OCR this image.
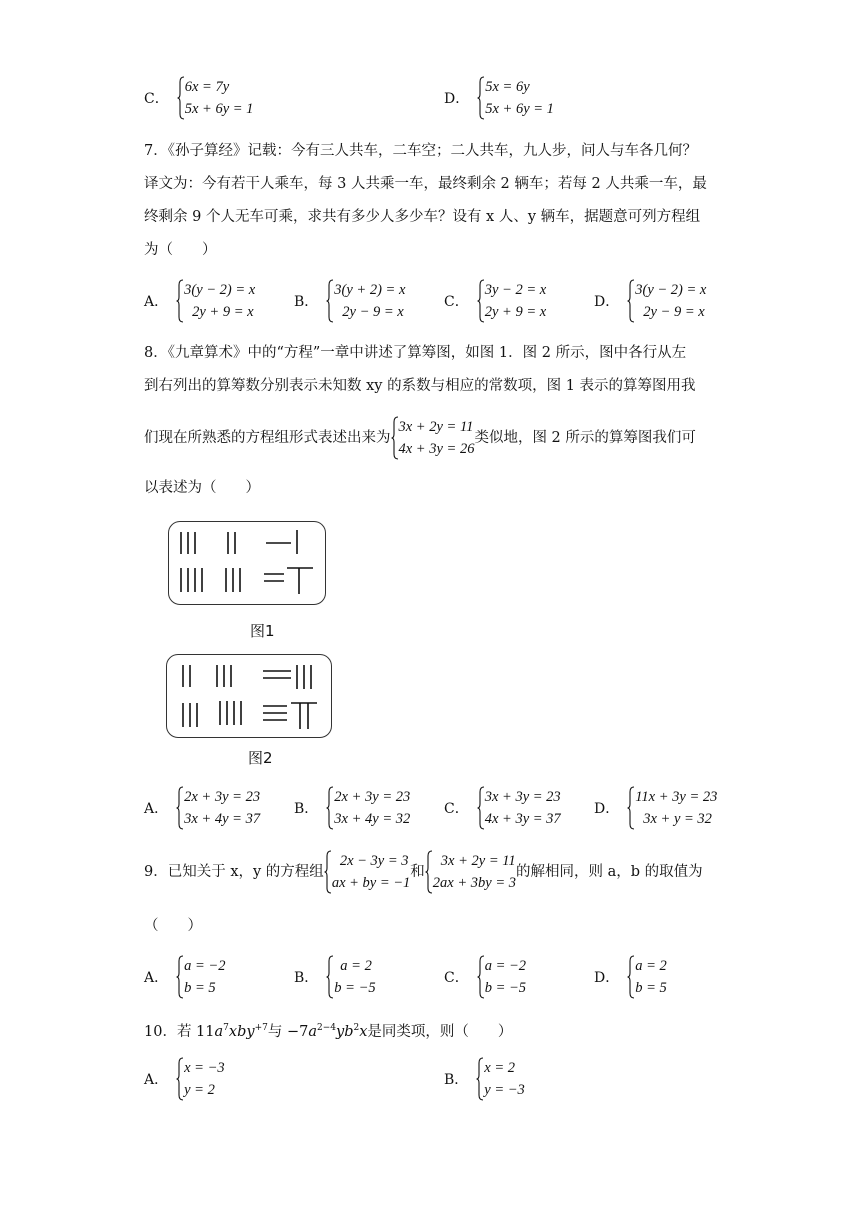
C．
6x = 7y
5x + 6y = 1
D．
5x = 6y
5x + 6y = 1
7．《孙子算经》记载：今有三人共车，二车空；二人共车，九人步，问人与车各几何？
译文为：今有若干人乘车，每 3 人共乘一车，最终剩余 2 辆车；若每 2 人共乘一车，最
终剩余 9 个人无车可乘，求共有多少人多少车？设有 x 人、y 辆车，据题意可列方程组
为（　　）
A．
3(y − 2) = x
2y + 9 = x
B．
3(y + 2) = x
2y − 9 = x
C．
3y − 2 = x
2y + 9 = x
D．
3(y − 2) = x
2y − 9 = x
8．《九章算术》中的“方程”一章中讲述了算筹图，如图 1．图 2 所示，图中各行从左
到右列出的算筹数分别表示未知数 xy 的系数与相应的常数项，图 1 表示的算筹图用我
们现在所熟悉的方程组形式表述出来为
3x + 2y = 11
4x + 3y = 26
类似地，图 2 所示的算筹图我们可
以表述为（　　）
图1
图2
A．
2x + 3y = 23
3x + 4y = 37
B．
2x + 3y = 23
3x + 4y = 32
C．
3x + 3y = 23
4x + 3y = 37
D．
11x + 3y = 23
3x + y = 32
9．已知关于 x，y 的方程组
2x − 3y = 3
ax + by = −1
和
3x + 2y = 11
2ax + 3by = 3
的解相同，则 a，b 的取值为
（　　）
A．
a = −2
b = 5
B．
a = 2
b = −5
C．
a = −2
b = −5
D．
a = 2
b = 5
10．若 $11a^7xby^{+7}$与 $-7a^{2-4}yb^2x$是同类项，则（　　）
A．
x = −3
y = 2
B．
x = 2
y = −3
